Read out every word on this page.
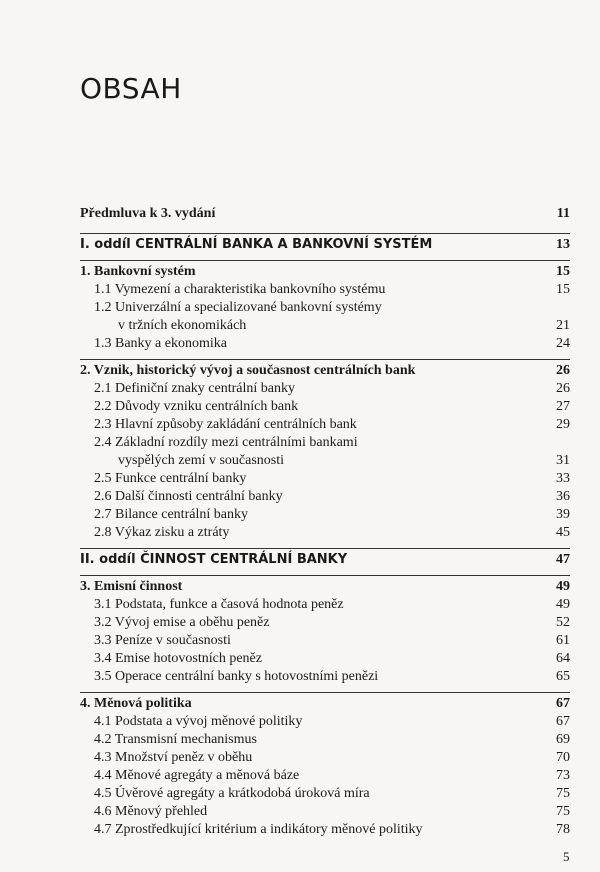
OBSAH
Předmluva k 3. vydání	11
I. oddíl CENTRÁLNÍ BANKA A BANKOVNÍ SYSTÉM	13
1. Bankovní systém	15
1.1 Vymezení a charakteristika bankovního systému	15
1.2 Univerzální a specializované bankovní systémy
v tržních ekonomikách	21
1.3 Banky a ekonomika	24
2. Vznik, historický vývoj a současnost centrálních bank	26
2.1 Definiční znaky centrální banky	26
2.2 Důvody vzniku centrálních bank	27
2.3 Hlavní způsoby zakládání centrálních bank	29
2.4 Základní rozdíly mezi centrálními bankami
vyspělých zemí v současnosti	31
2.5 Funkce centrální banky	33
2.6 Další činnosti centrální banky	36
2.7 Bilance centrální banky	39
2.8 Výkaz zisku a ztráty	45
II. oddíl ČINNOST CENTRÁLNÍ BANKY	47
3. Emisní činnost	49
3.1 Podstata, funkce a časová hodnota peněz	49
3.2 Vývoj emise a oběhu peněz	52
3.3 Peníze v současnosti	61
3.4 Emise hotovostních peněz	64
3.5 Operace centrální banky s hotovostními penězi	65
4. Měnová politika	67
4.1 Podstata a vývoj měnové politiky	67
4.2 Transmisní mechanismus	69
4.3 Množství peněz v oběhu	70
4.4 Měnové agregáty a měnová báze	73
4.5 Úvěrové agregáty a krátkodobá úroková míra	75
4.6 Měnový přehled	75
4.7 Zprostředkující kritérium a indikátory měnové politiky	78
5
